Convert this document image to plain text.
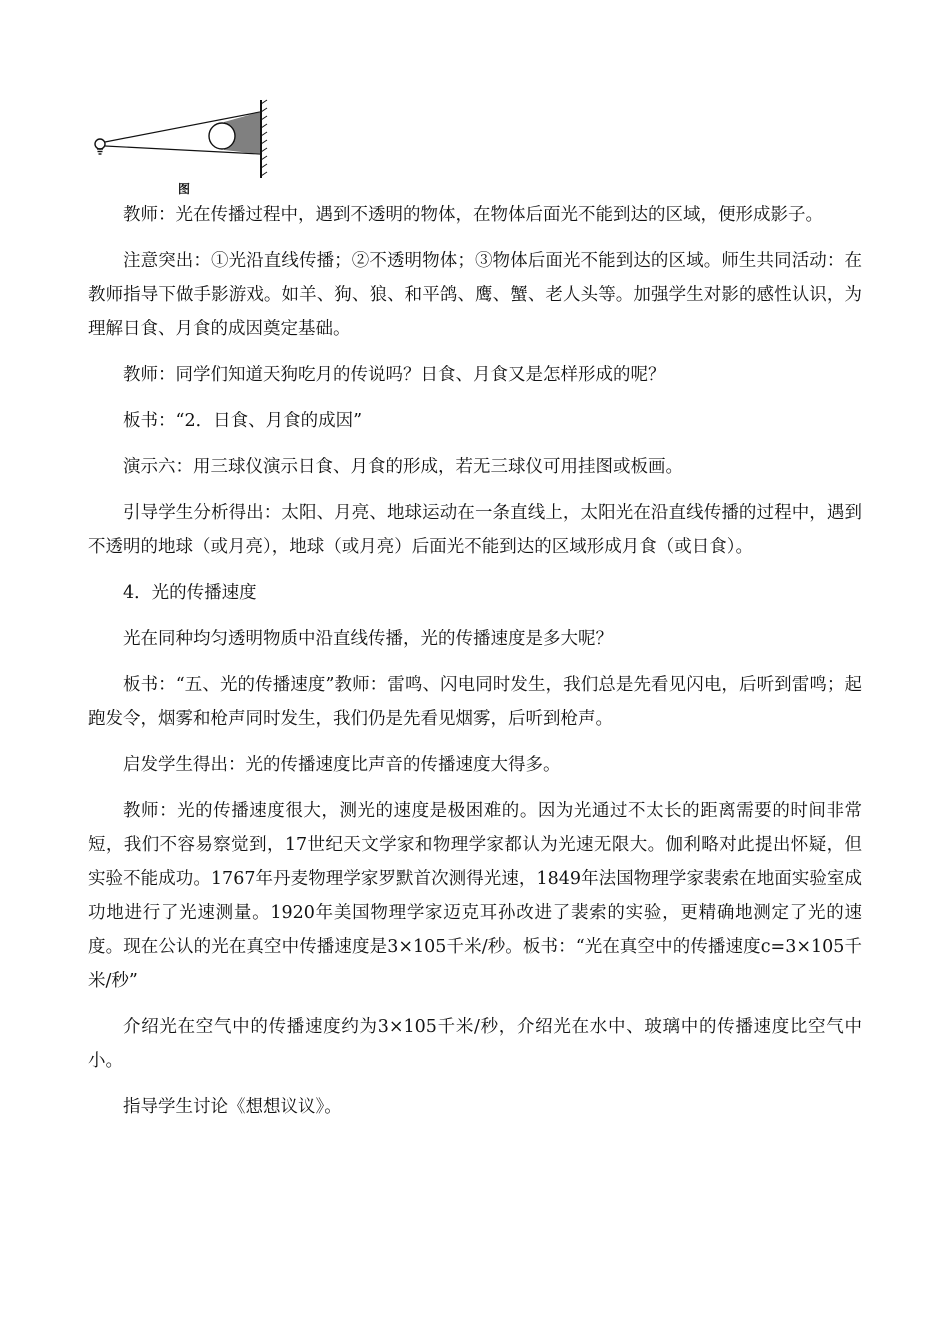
图

教师：光在传播过程中，遇到不透明的物体，在物体后面光不能到达的区域，便形成影子。

注意突出：①光沿直线传播；②不透明物体；③物体后面光不能到达的区域。师生共同活动：在教师指导下做手影游戏。如羊、狗、狼、和平鸽、鹰、蟹、老人头等。加强学生对影的感性认识，为理解日食、月食的成因奠定基础。

教师：同学们知道天狗吃月的传说吗？日食、月食又是怎样形成的呢？

板书：“2．日食、月食的成因”

演示六：用三球仪演示日食、月食的形成，若无三球仪可用挂图或板画。

引导学生分析得出：太阳、月亮、地球运动在一条直线上，太阳光在沿直线传播的过程中，遇到不透明的地球（或月亮），地球（或月亮）后面光不能到达的区域形成月食（或日食）。

4．光的传播速度

光在同种均匀透明物质中沿直线传播，光的传播速度是多大呢？

板书：“五、光的传播速度”教师：雷鸣、闪电同时发生，我们总是先看见闪电，后听到雷鸣；起跑发令，烟雾和枪声同时发生，我们仍是先看见烟雾，后听到枪声。

启发学生得出：光的传播速度比声音的传播速度大得多。

教师：光的传播速度很大，测光的速度是极困难的。因为光通过不太长的距离需要的时间非常短，我们不容易察觉到，17世纪天文学家和物理学家都认为光速无限大。伽利略对此提出怀疑，但实验不能成功。1767年丹麦物理学家罗默首次测得光速，1849年法国物理学家裴索在地面实验室成功地进行了光速测量。1920年美国物理学家迈克耳孙改进了裴索的实验，更精确地测定了光的速度。现在公认的光在真空中传播速度是3×105千米/秒。板书：“光在真空中的传播速度c=3×105千米/秒”

介绍光在空气中的传播速度约为3×105千米/秒，介绍光在水中、玻璃中的传播速度比空气中小。

指导学生讨论《想想议议》。
